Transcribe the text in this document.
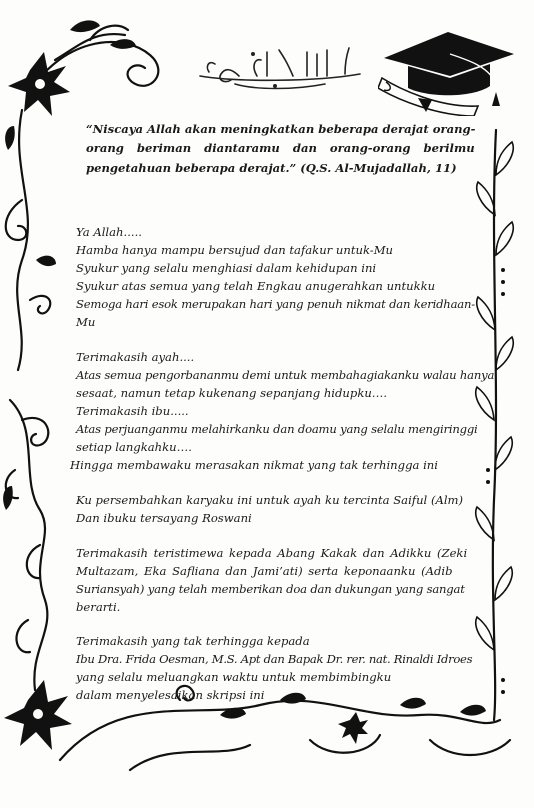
“Niscaya Allah akan meningkatkan beberapa derajat orang-
orang beriman diantaramu dan orang-orang berilmu
pengetahuan beberapa derajat.” (Q.S. Al-Mujadallah, 11)
Ya Allah.....
Hamba hanya mampu bersujud dan tafakur untuk-Mu
Syukur yang selalu menghiasi dalam kehidupan ini
Syukur atas semua yang telah Engkau anugerahkan untukku
Semoga hari esok merupakan hari yang penuh nikmat dan keridhaan-
Mu
Terimakasih ayah....
Atas semua pengorbananmu demi untuk membahagiakanku walau hanya
sesaat, namun tetap kukenang sepanjang hidupku….
Terimakasih ibu.....
Atas perjuanganmu melahirkanku dan doamu yang selalu mengiringgi
setiap langkahku….
Hingga membawaku merasakan nikmat yang tak terhingga ini
Ku persembahkan karyaku ini untuk ayah ku tercinta Saiful (Alm)
Dan ibuku tersayang Roswani
Terimakasih teristimewa kepada Abang Kakak dan Adikku (Zeki
Multazam, Eka Safliana dan Jami’ati) serta keponaanku (Adib
Suriansyah) yang telah memberikan doa dan dukungan yang sangat
berarti.
Terimakasih yang tak terhingga kepada
Ibu Dra. Frida Oesman, M.S. Apt dan Bapak Dr. rer. nat. Rinaldi Idroes
yang selalu meluangkan waktu untuk membimbingku
dalam menyelesaikan skripsi ini
